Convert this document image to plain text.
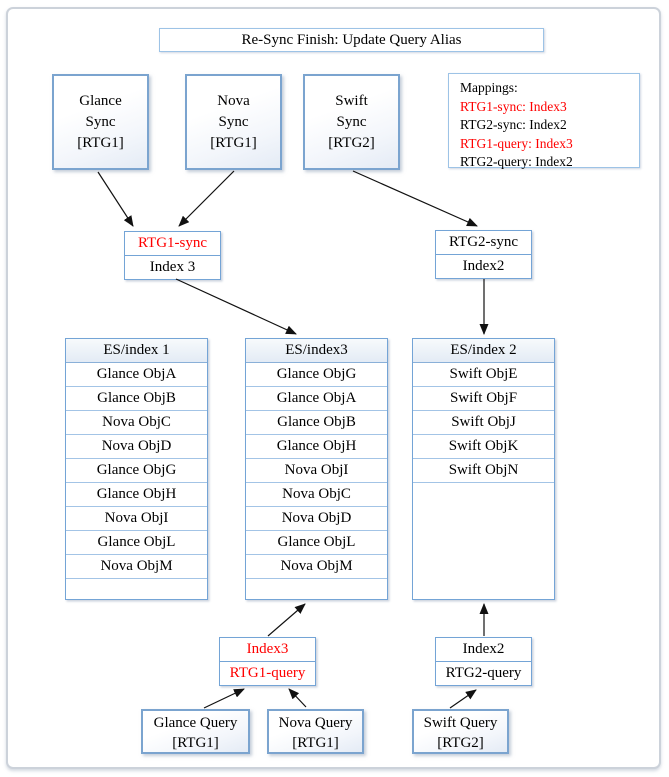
Re-Sync Finish: Update Query Alias
Glance
Sync
[RTG1]
Nova
Sync
[RTG1]
Swift
Sync
[RTG2]
Mappings:
RTG1-sync: Index3
RTG2-sync: Index2
RTG1-query: Index3
RTG2-query: Index2
RTG1-sync
Index 3
RTG2-sync
Index2
ES/index 1
Glance ObjA
Glance ObjB
Nova ObjC
Nova ObjD
Glance ObjG
Glance ObjH
Nova ObjI
Glance ObjL
Nova ObjM
ES/index3
Glance ObjG
Glance ObjA
Glance ObjB
Glance ObjH
Nova ObjI
Nova ObjC
Nova ObjD
Glance ObjL
Nova ObjM
ES/index 2
Swift ObjE
Swift ObjF
Swift ObjJ
Swift ObjK
Swift ObjN
Index3
RTG1-query
Index2
RTG2-query
Glance Query
[RTG1]
Nova Query
[RTG1]
Swift Query
[RTG2]
